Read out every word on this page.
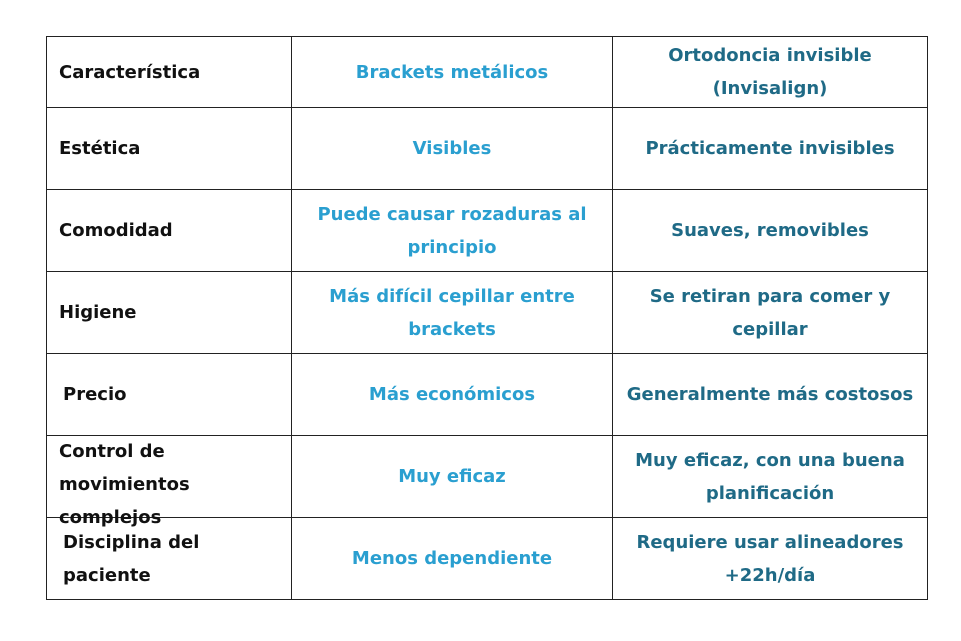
Característica	Brackets metálicos	Ortodoncia invisible (Invisalign)
Estética	Visibles	Prácticamente invisibles
Comodidad	Puede causar rozaduras al principio	Suaves, removibles
Higiene	Más difícil cepillar entre brackets	Se retiran para comer y cepillar
Precio	Más económicos	Generalmente más costosos

Control de movimientos complejos	Muy eficaz	Muy eficaz, con una buena planificación
Disciplina del paciente	Menos dependiente	Requiere usar alineadores +22h/día
